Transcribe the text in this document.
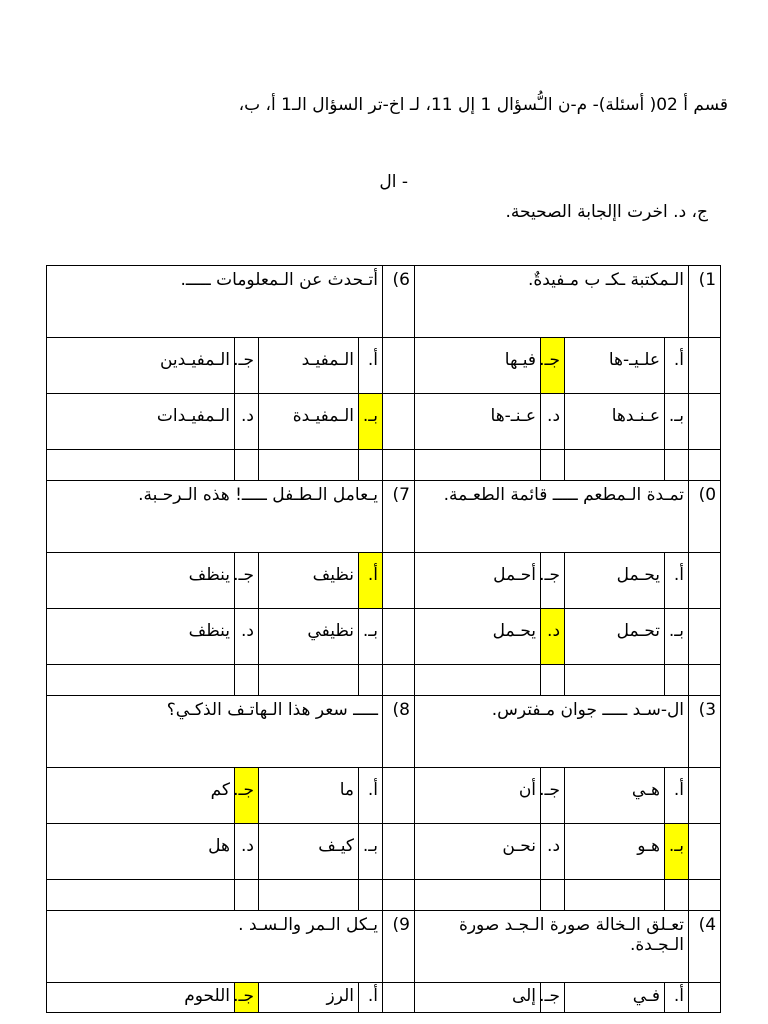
قسم أ 02( أسئلة)- م-ن الـُّسؤال 1 إل 11، لـ اخ-تر السؤال الـ1 أ، ب،
- ال
ج، د. اخرت اإلجابة الصحيحة.
1)	الـمكتبة ـكـ ب مـفيدةٌ.				6)	أتـحدث عن الـمعلومات ـــــ.			
	أ.	علـيـ-ها	جـ.	فيـها		أ.	الـمفيـد	جـ.	الـمفيـدين
	بـ.	عـنـدها	د.	عـنـ-ها		بـ.	الـمفيـدة	د.	الـمفيـدات

0)	تمـدة الـمطعم ـــــ قائمة الطعـمة.				7)	يـعامل الـطـفل ـــــ! هذه الـرحـبة.			
	أ.	يحـمل	جـ.	أحـمل		أ.	نظيف	جـ.	ينظف
	بـ.	تحـمل	د.	يحـمل		بـ.	نظيفي	د.	ينظف

3)	ال-سـد ـــــ جوان مـفترس.				8)	ـــــ سعر هذا الـهاتـف الذكـي؟			
	أ.	هـي	جـ.	أن		أ.	ما	جـ.	كم
	بـ.	هـو	د.	نحـن		بـ.	كيـف	د.	هل

4)	تعـلق الـخالة صورة الـجـد صورة الـجـدة.				9)	يـكل الـمر والـسـد .			
	أ.	فـي	جـ.	إلى		أ.	الرز	جـ.	اللحوم
